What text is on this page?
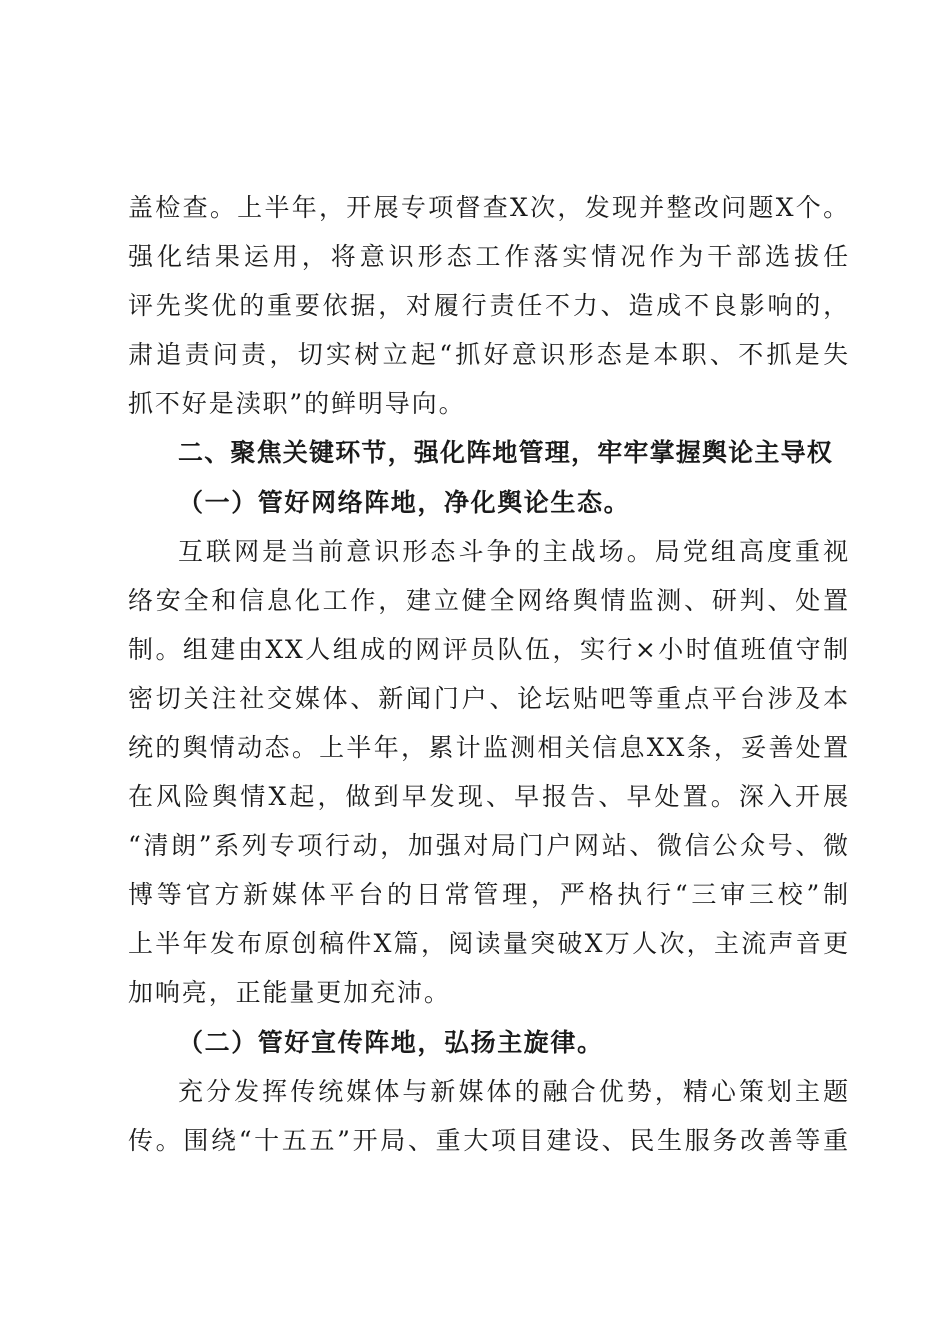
盖检查。上半年，开展专项督查X次，发现并整改问题X个。
强化结果运用，将意识形态工作落实情况作为干部选拔任
评先奖优的重要依据，对履行责任不力、造成不良影响的，
肃追责问责，切实树立起“抓好意识形态是本职、不抓是失
抓不好是渎职”的鲜明导向。
二、聚焦关键环节，强化阵地管理，牢牢掌握舆论主导权
（一）管好网络阵地，净化舆论生态。
互联网是当前意识形态斗争的主战场。局党组高度重视
络安全和信息化工作，建立健全网络舆情监测、研判、处置
制。组建由XX人组成的网评员队伍，实行×小时值班值守制
密切关注社交媒体、新闻门户、论坛贴吧等重点平台涉及本
统的舆情动态。上半年，累计监测相关信息XX条，妥善处置
在风险舆情X起，做到早发现、早报告、早处置。深入开展
“清朗”系列专项行动，加强对局门户网站、微信公众号、微
博等官方新媒体平台的日常管理，严格执行“三审三校”制
上半年发布原创稿件X篇，阅读量突破X万人次，主流声音更
加响亮，正能量更加充沛。
（二）管好宣传阵地，弘扬主旋律。
充分发挥传统媒体与新媒体的融合优势，精心策划主题
传。围绕“十五五”开局、重大项目建设、民生服务改善等重
